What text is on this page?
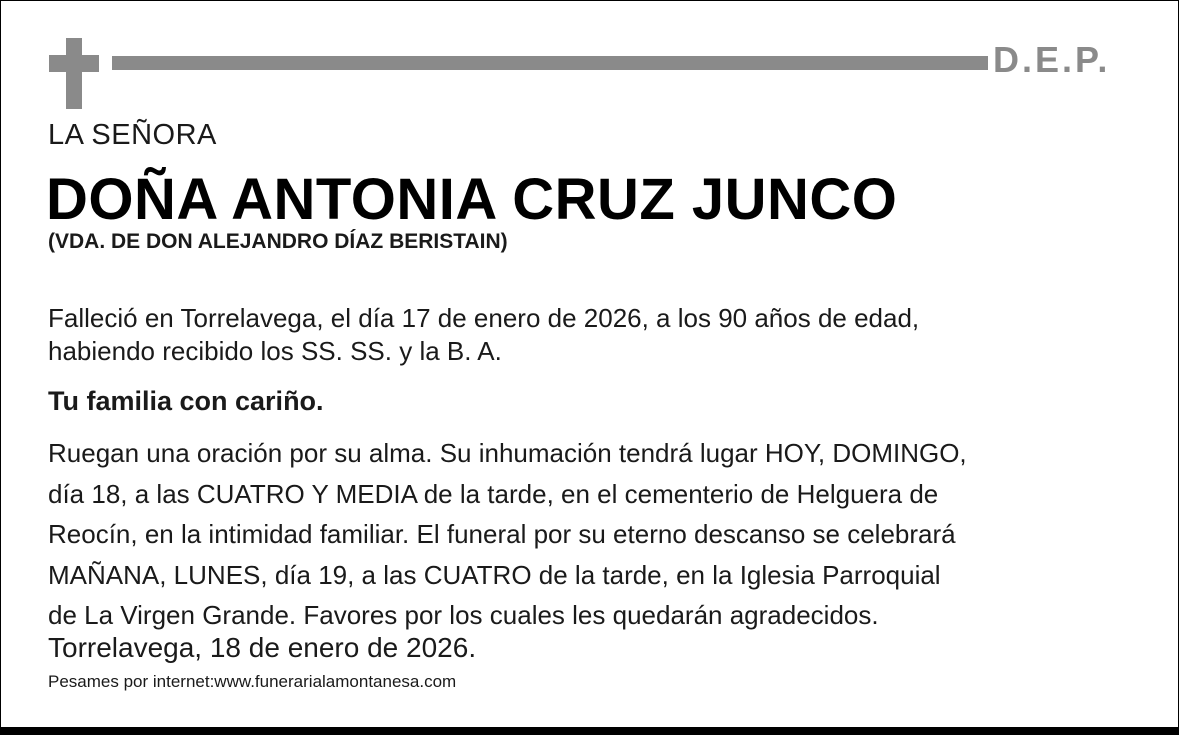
D.E.P.
LA SEÑORA
DOÑA ANTONIA CRUZ JUNCO
(VDA. DE DON ALEJANDRO DÍAZ BERISTAIN)
Falleció en Torrelavega, el día 17 de enero de 2026, a los 90 años de edad,
habiendo recibido los SS. SS. y la B. A.
Tu familia con cariño.
Ruegan una oración por su alma. Su inhumación tendrá lugar HOY, DOMINGO,
día 18, a las CUATRO Y MEDIA de la tarde, en el cementerio de Helguera de
Reocín, en la intimidad familiar. El funeral por su eterno descanso se celebrará
MAÑANA, LUNES, día 19, a las CUATRO de la tarde, en la Iglesia Parroquial
de La Virgen Grande. Favores por los cuales les quedarán agradecidos.
Torrelavega, 18 de enero de 2026.
Pesames por internet:www.funerarialamontanesa.com
